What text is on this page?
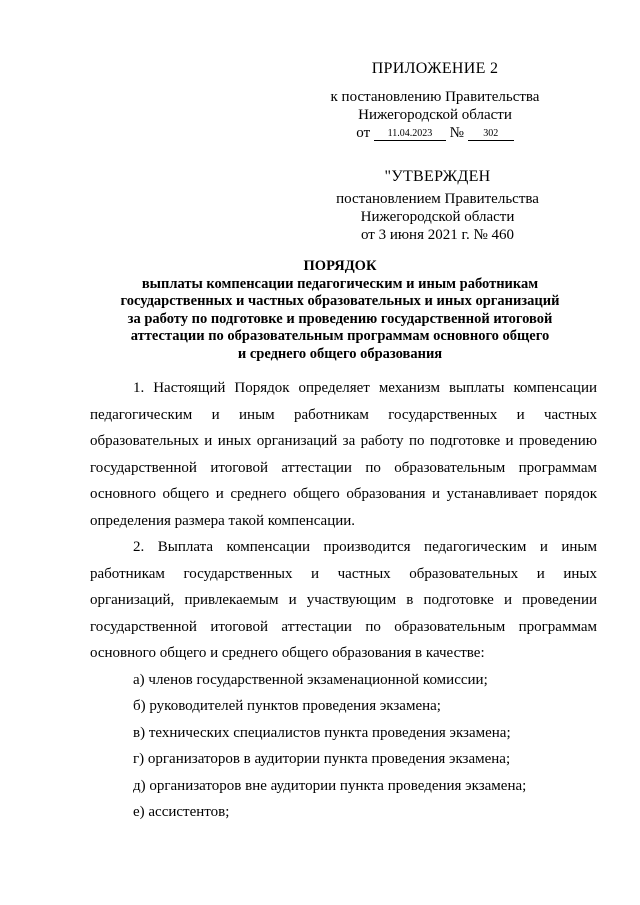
ПРИЛОЖЕНИЕ 2
к постановлению Правительства
Нижегородской области
от 11.04.2023 № 302
"УТВЕРЖДЕН
постановлением Правительства
Нижегородской области
от 3 июня 2021 г. № 460
ПОРЯДОК
выплаты компенсации педагогическим и иным работникам
государственных и частных образовательных и иных организаций
за работу по подготовке и проведению государственной итоговой
аттестации по образовательным программам основного общего
и среднего общего образования
1. Настоящий Порядок определяет механизм выплаты компенсации
педагогическим и иным работникам государственных и частных
образовательных и иных организаций за работу по подготовке и проведению
государственной итоговой аттестации по образовательным программам
основного общего и среднего общего образования и устанавливает порядок
определения размера такой компенсации.
2. Выплата компенсации производится педагогическим и иным
работникам государственных и частных образовательных и иных
организаций, привлекаемым и участвующим в подготовке и проведении
государственной итоговой аттестации по образовательным программам
основного общего и среднего общего образования в качестве:
а) членов государственной экзаменационной комиссии;
б) руководителей пунктов проведения экзамена;
в) технических специалистов пункта проведения экзамена;
г) организаторов в аудитории пункта проведения экзамена;
д) организаторов вне аудитории пункта проведения экзамена;
е) ассистентов;
